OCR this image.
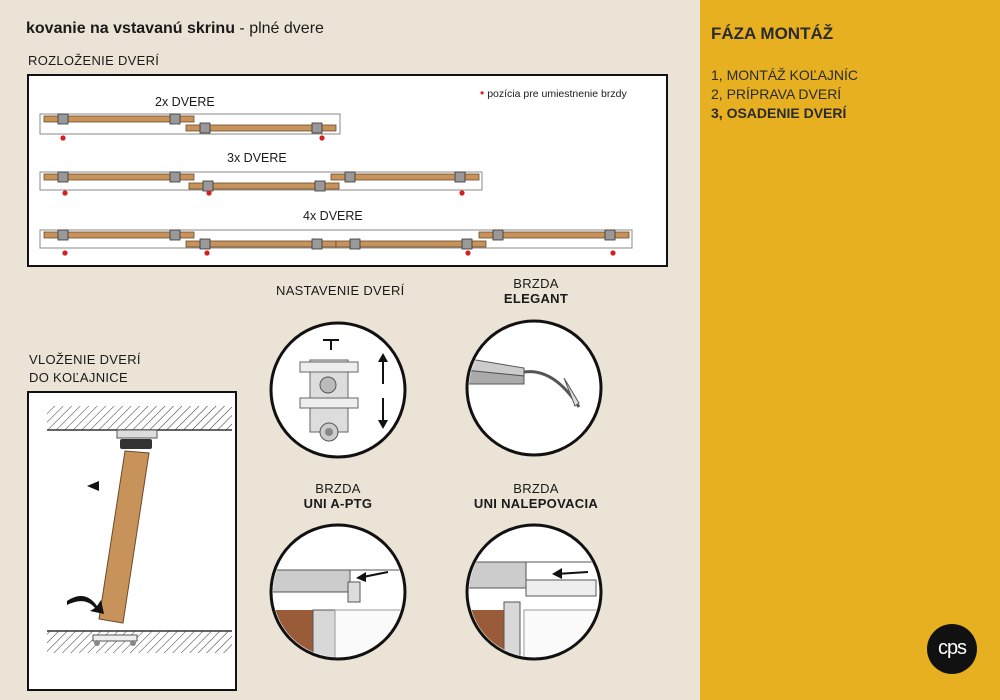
kovanie na vstavanú skrinu - plné dvere
ROZLOŽENIE DVERÍ
• pozícia pre umiestnenie brzdy
2x DVERE
3x DVERE
4x DVERE
VLOŽENIE DVERÍ
DO KOĽAJNICE
NASTAVENIE DVERÍ	BRZDA
ELEGANT
BRZDA
UNI A-PTG
BRZDA
UNI NALEPOVACIA
FÁZA MONTÁŽ
1, MONTÁŽ KOĽAJNÍC
2, PRÍPRAVA DVERÍ
3, OSADENIE DVERÍ
cps
